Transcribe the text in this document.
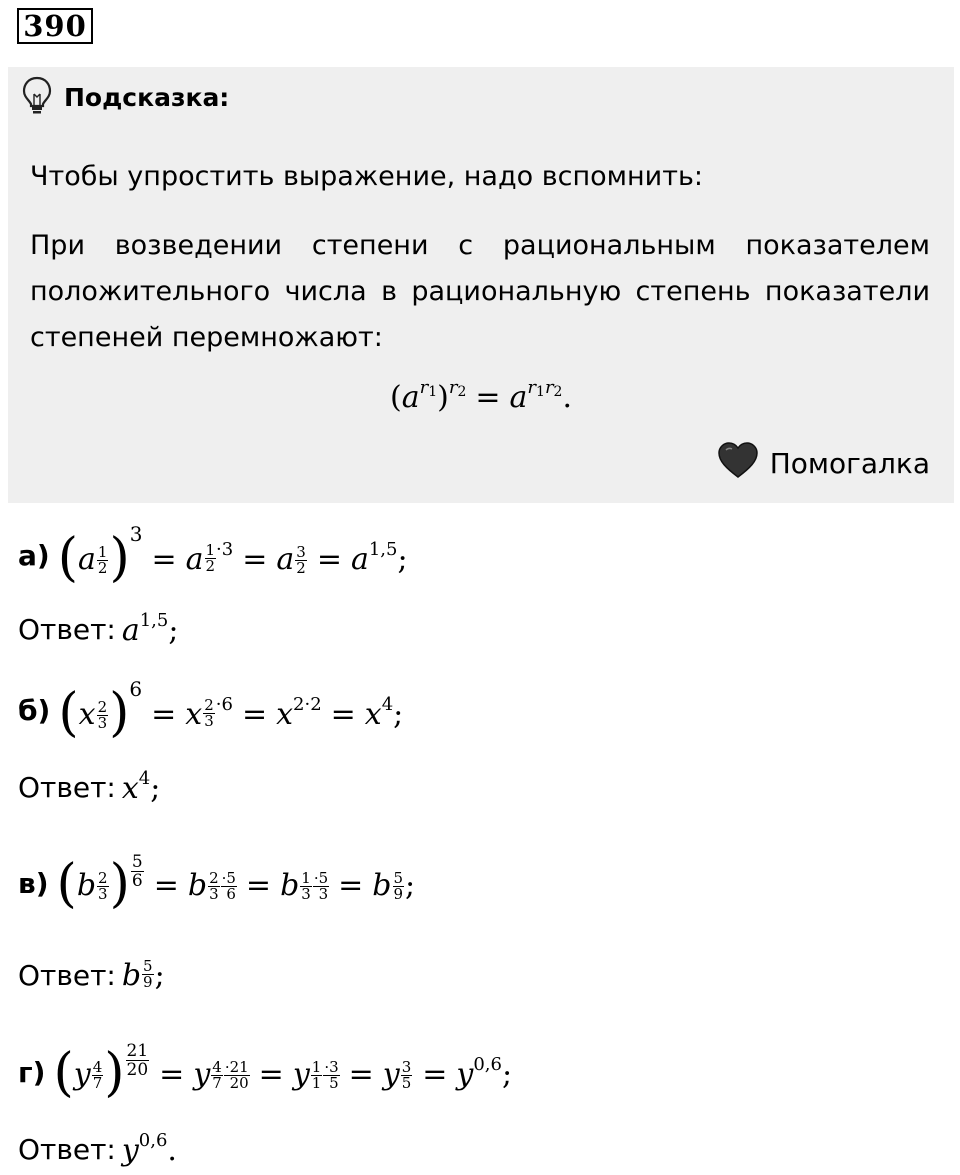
390
Подсказка:
Чтобы упростить выражение, надо вспомнить:
При возведении степени с рациональным показателем положительного числа в рациональную степень показатели степеней перемножают:
$(a^{r_1})^{r_2} = a^{r_1r_2}$.
Помогалка
а) $(a \frac{1}{2} )^3= a \frac{1}{2} ^{\cdot 3} = a \frac{3}{2} = a^{1,5}$;
Ответ: $a^{1,5}$;
б) $(x \frac{2}{3} )^6= x \frac{2}{3} ^{\cdot 6} = x^{2\cdot 2} = x^4$;
Ответ: $x^4$;
в) ($b \frac{2}{3}$ ) $\frac{5}{6} = b \frac{2}{3} \frac{\cdot 5}{6} = b \frac{1}{3} \frac{\cdot 5}{3} = b \frac{5}{9}$ ;
Ответ: b $\frac{5}{9}$ ;
г) ($y \frac{4}{7}$ ) $\frac{21}{20} = y \frac{4}{7} \frac{\cdot 21}{20} = y \frac{1}{1} \frac{\cdot 3}{5} = y \frac{3}{5} = y^{0,6}$;
Ответ: $y^{0,6}$.
